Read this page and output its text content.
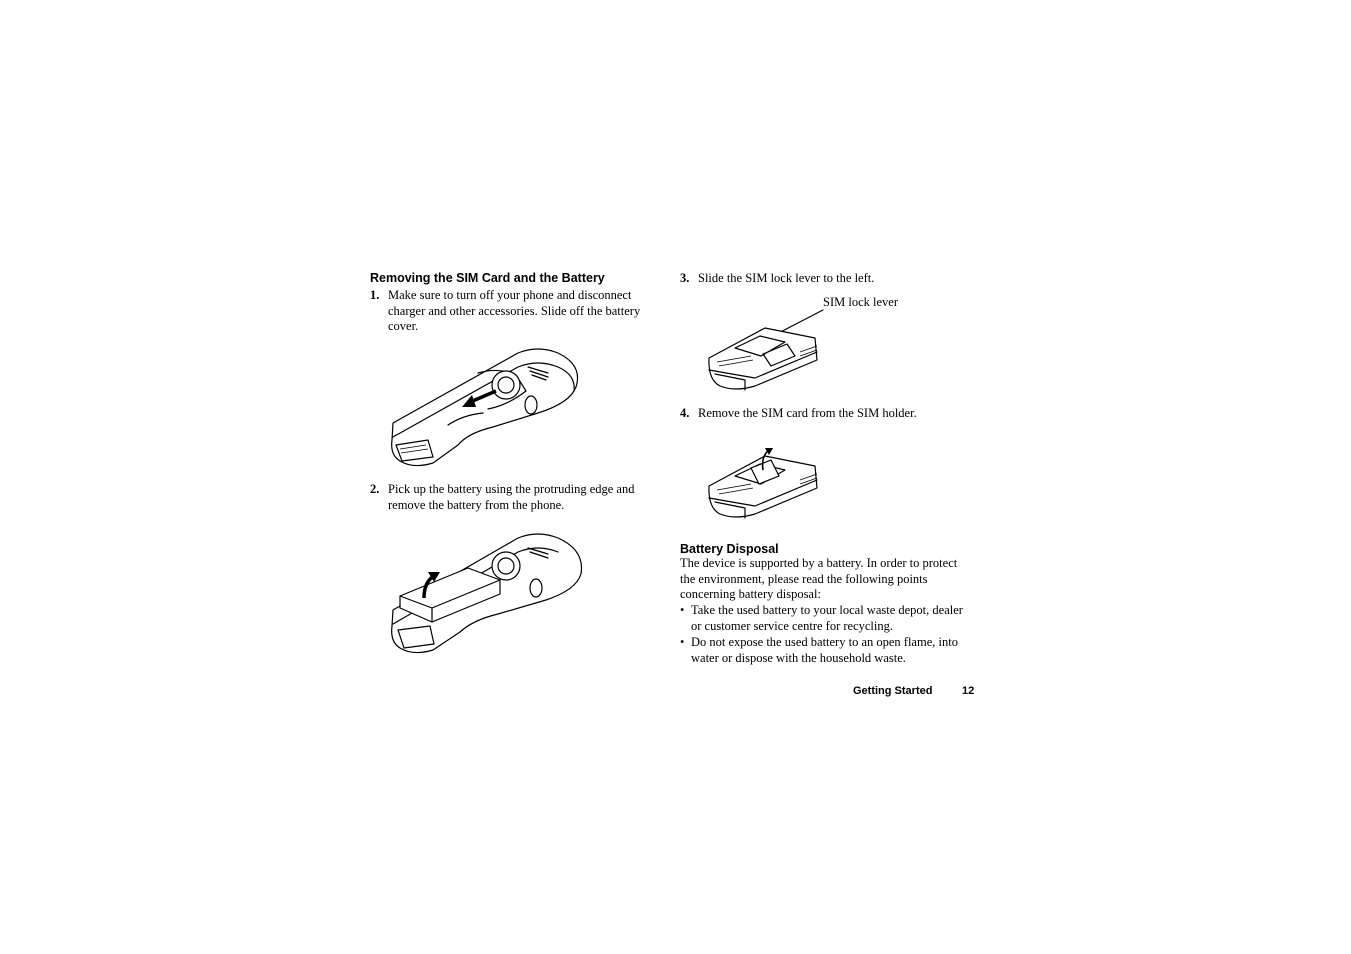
Removing the SIM Card and the Battery
1. Make sure to turn off your phone and disconnect charger and other accessories. Slide off the battery cover.
2. Pick up the battery using the protruding edge and remove the battery from the phone.
3. Slide the SIM lock lever to the left.
SIM lock lever
4. Remove the SIM card from the SIM holder.
Battery Disposal
The device is supported by a battery. In order to protect the environment, please read the following points concerning battery disposal:
• Take the used battery to your local waste depot, dealer or customer service centre for recycling.
• Do not expose the used battery to an open flame, into water or dispose with the household waste.
Getting Started	12
